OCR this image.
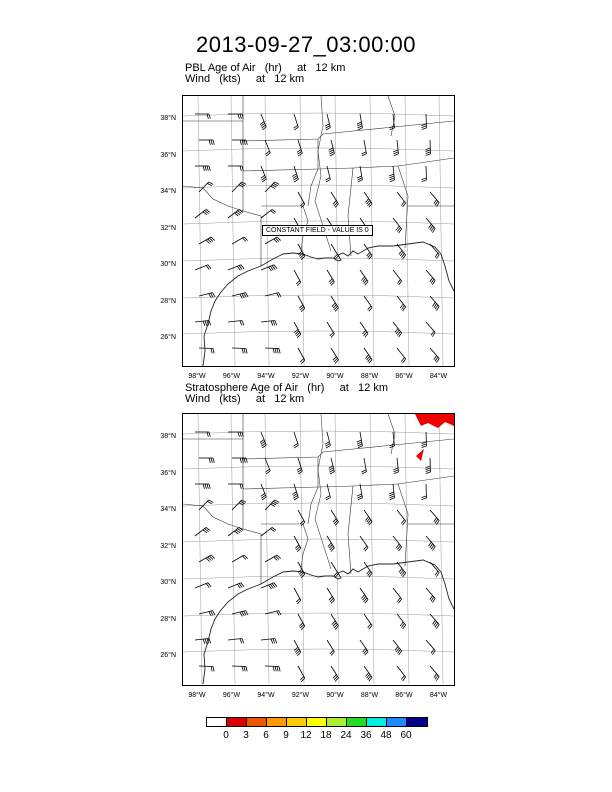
2013-09-27_03:00:00
PBL Age of Air   (hr)     at   12 km
Wind   (kts)     at   12 km
CONSTANT FIELD - VALUE IS 0
Stratosphere Age of Air   (hr)     at   12 km
Wind   (kts)     at   12 km
38°N
36°N
34°N
32°N
30°N
28°N
26°N
98°W	96°W	94°W	92°W	90°W	88°W	86°W	84°W
38°N
36°N
34°N
32°N
30°N
28°N
26°N
98°W	96°W	94°W	92°W	90°W	88°W	86°W	84°W
0	3	6	9	12 18 24 36 48 60
